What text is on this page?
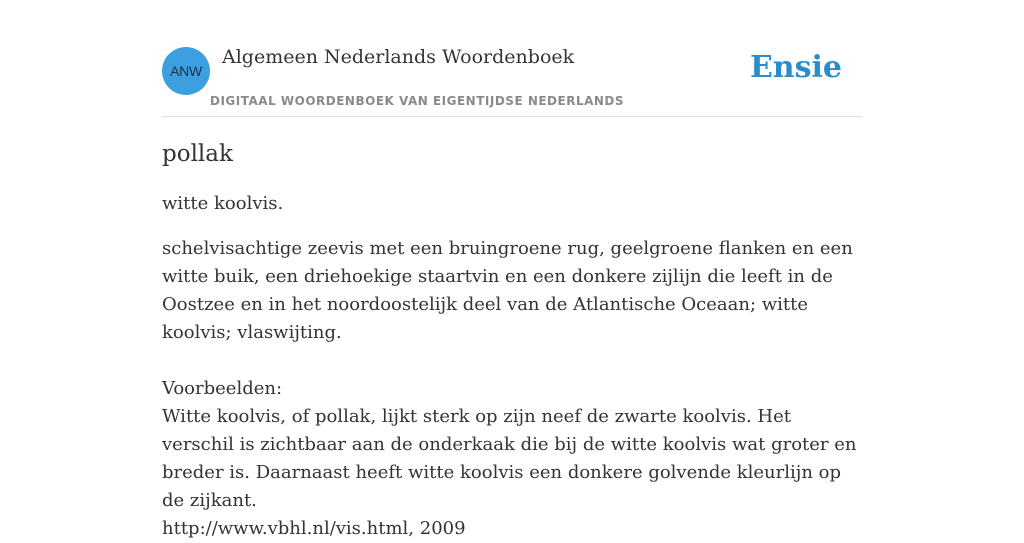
ANW
Algemeen Nederlands Woordenboek
DIGITAAL WOORDENBOEK VAN EIGENTIJDSE NEDERLANDS
Ensie
pollak

witte koolvis.

schelvisachtige zeevis met een bruingroene rug, geelgroene flanken en een witte buik, een driehoekige staartvin en een donkere zijlijn die leeft in de Oostzee en in het noordoostelijk deel van de Atlantische Oceaan; witte koolvis; vlaswijting.

Voorbeelden:
Witte koolvis, of pollak, lijkt sterk op zijn neef de zwarte koolvis. Het verschil is zichtbaar aan de onderkaak die bij de witte koolvis wat groter en breder is. Daarnaast heeft witte koolvis een donkere golvende kleurlijn op de zijkant.
http://www.vbhl.nl/vis.html, 2009
